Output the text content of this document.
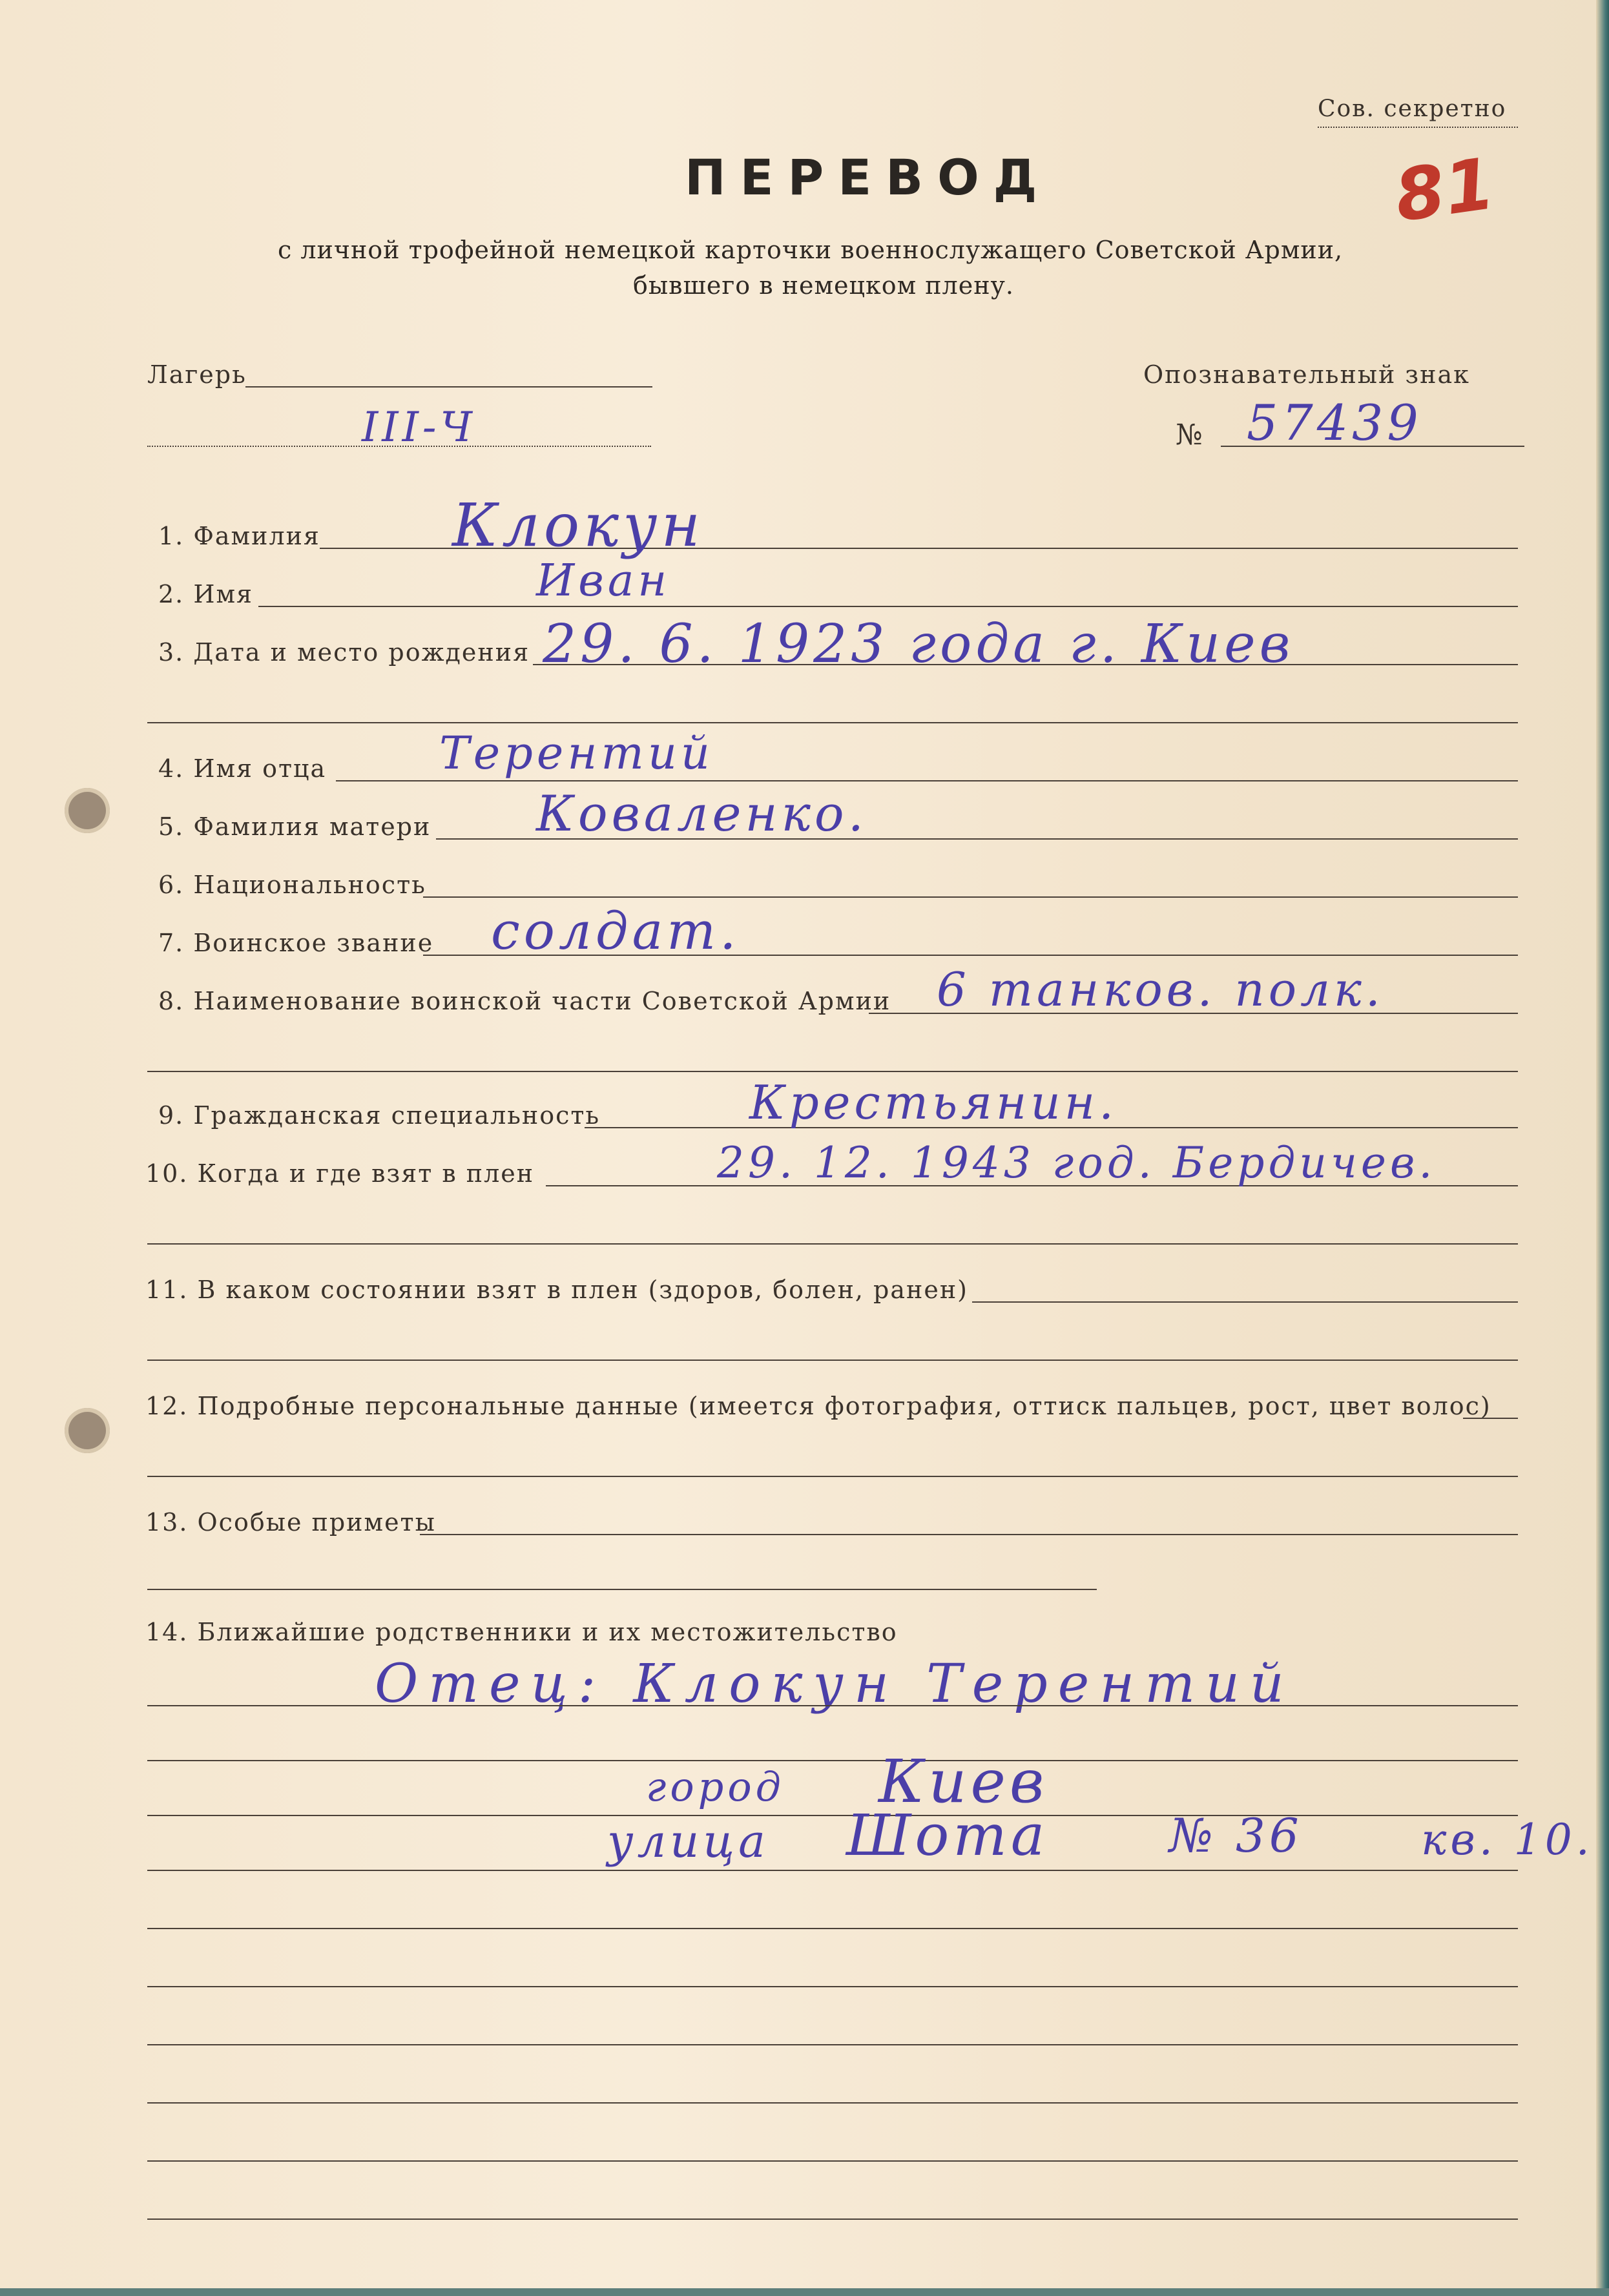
Сов. секретно
ПЕРЕВОД	81
с личной трофейной немецкой карточки военнослужащего Советской Армии,
бывшего в немецком плену.
Лагерь
III-Ч
Опознавательный знак
№ 57439
1. Фамилия Клокун
2. Имя	Иван
3. Дата и место рождения 29. 6. 1923 года г. Киев
4. Имя отца Терентий
5. Фамилия матери Коваленко.
6. Национальность
7. Воинское звание солдат.
8. Наименование воинской части Советской Армии 6 танков. полк.
9. Гражданская специальность	Крестьянин.
10. Когда и где взят в плен	29. 12. 1943 год. Бердичев.
11. В каком состоянии взят в плен (здоров, болен, ранен)
12. Подробные персональные данные (имеется фотография, оттиск пальцев, рост, цвет волос)
13. Особые приметы
14. Ближайшие родственники и их местожительство
Отец: Клокун Терентий
город Киев
улица Шота	№ 36	кв. 10.
